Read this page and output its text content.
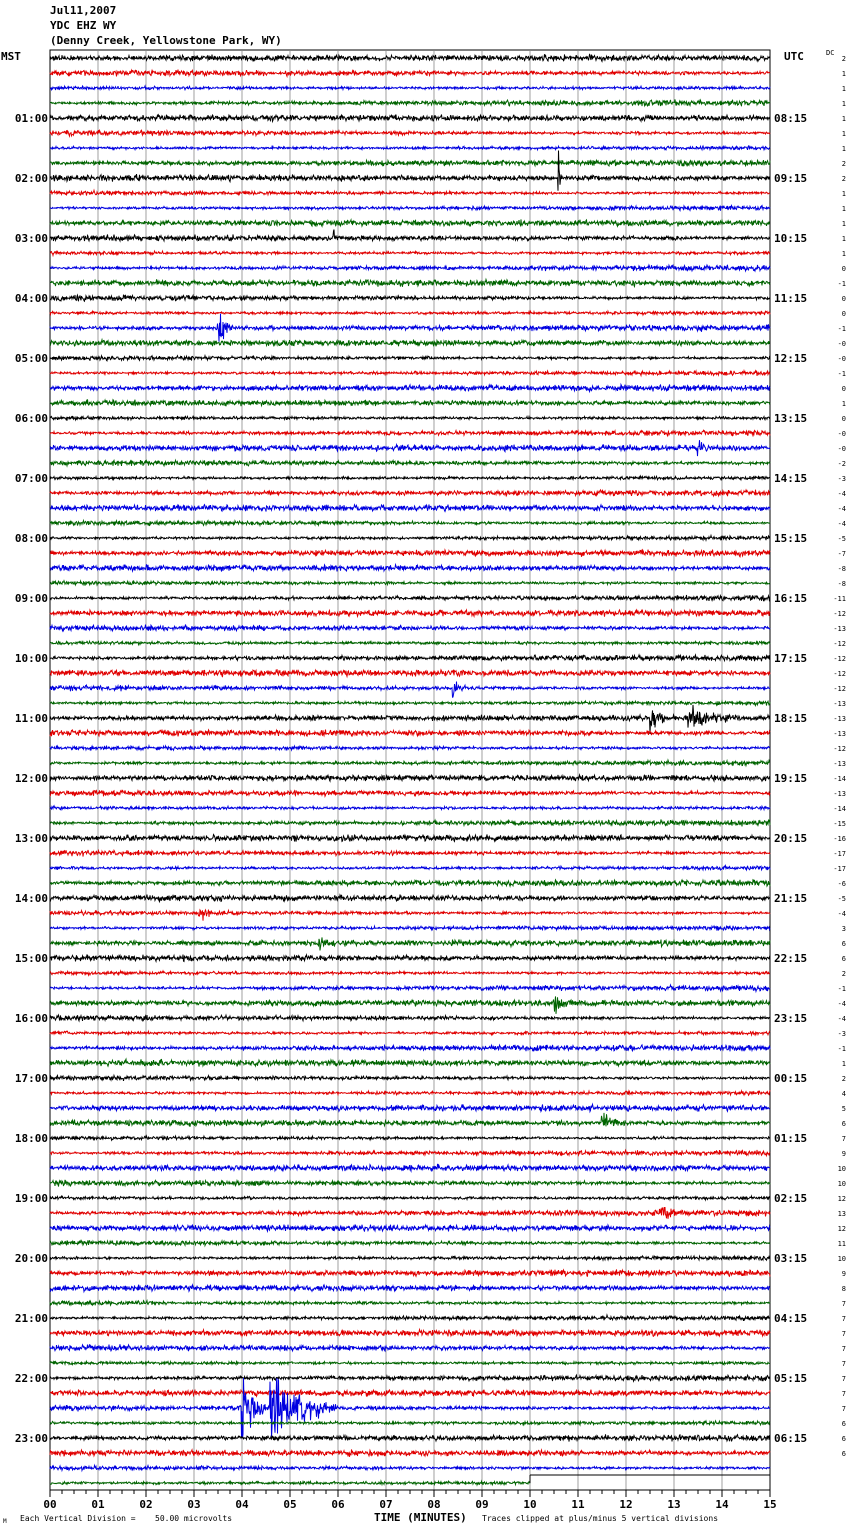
Jul11,2007
YDC EHZ WY
(Denny Creek, Yellowstone Park, WY)
MST	UTC	DC
00	01	02	03	04	05	06	07	08	09	10	11	12	13	14	15
2
1
1
1
1
1
1
2
2
1
1
1
1
1
0
-1
0
0
-1
-0
-0
-1
0
1
0
-0
-0
-2
-3
-4
-4
-4
-5
-7
-8
-8
-11
-12
-13
-12
-12
-12
-12
-13
-13
-13
-12
-13
-14
-13
-14
-15
-16
-17
-17
-6
-5
-4
3
6
6
2
-1
-4
-4
-3
-1
1
2
4
5
6
7
9
10
10
12
13
12
11
10
9
8
7
7
7
7
7
7
7
7
6
6
6
01:00
02:00
03:00
04:00
05:00
06:00
07:00
08:00
09:00
10:00
11:00
12:00
13:00
14:00
15:00
16:00
17:00
18:00
19:00
20:00
21:00
22:00
23:00
08:15
09:15
10:15
11:15
12:15
13:15
14:15
15:15
16:15
17:15
18:15
19:15
20:15
21:15
22:15
23:15
00:15
01:15
02:15
03:15
04:15
05:15
06:15
M Each Vertical Division = 50.00 microvolts	TIME (MINUTES) Traces clipped at plus/minus 5 vertical divisions
